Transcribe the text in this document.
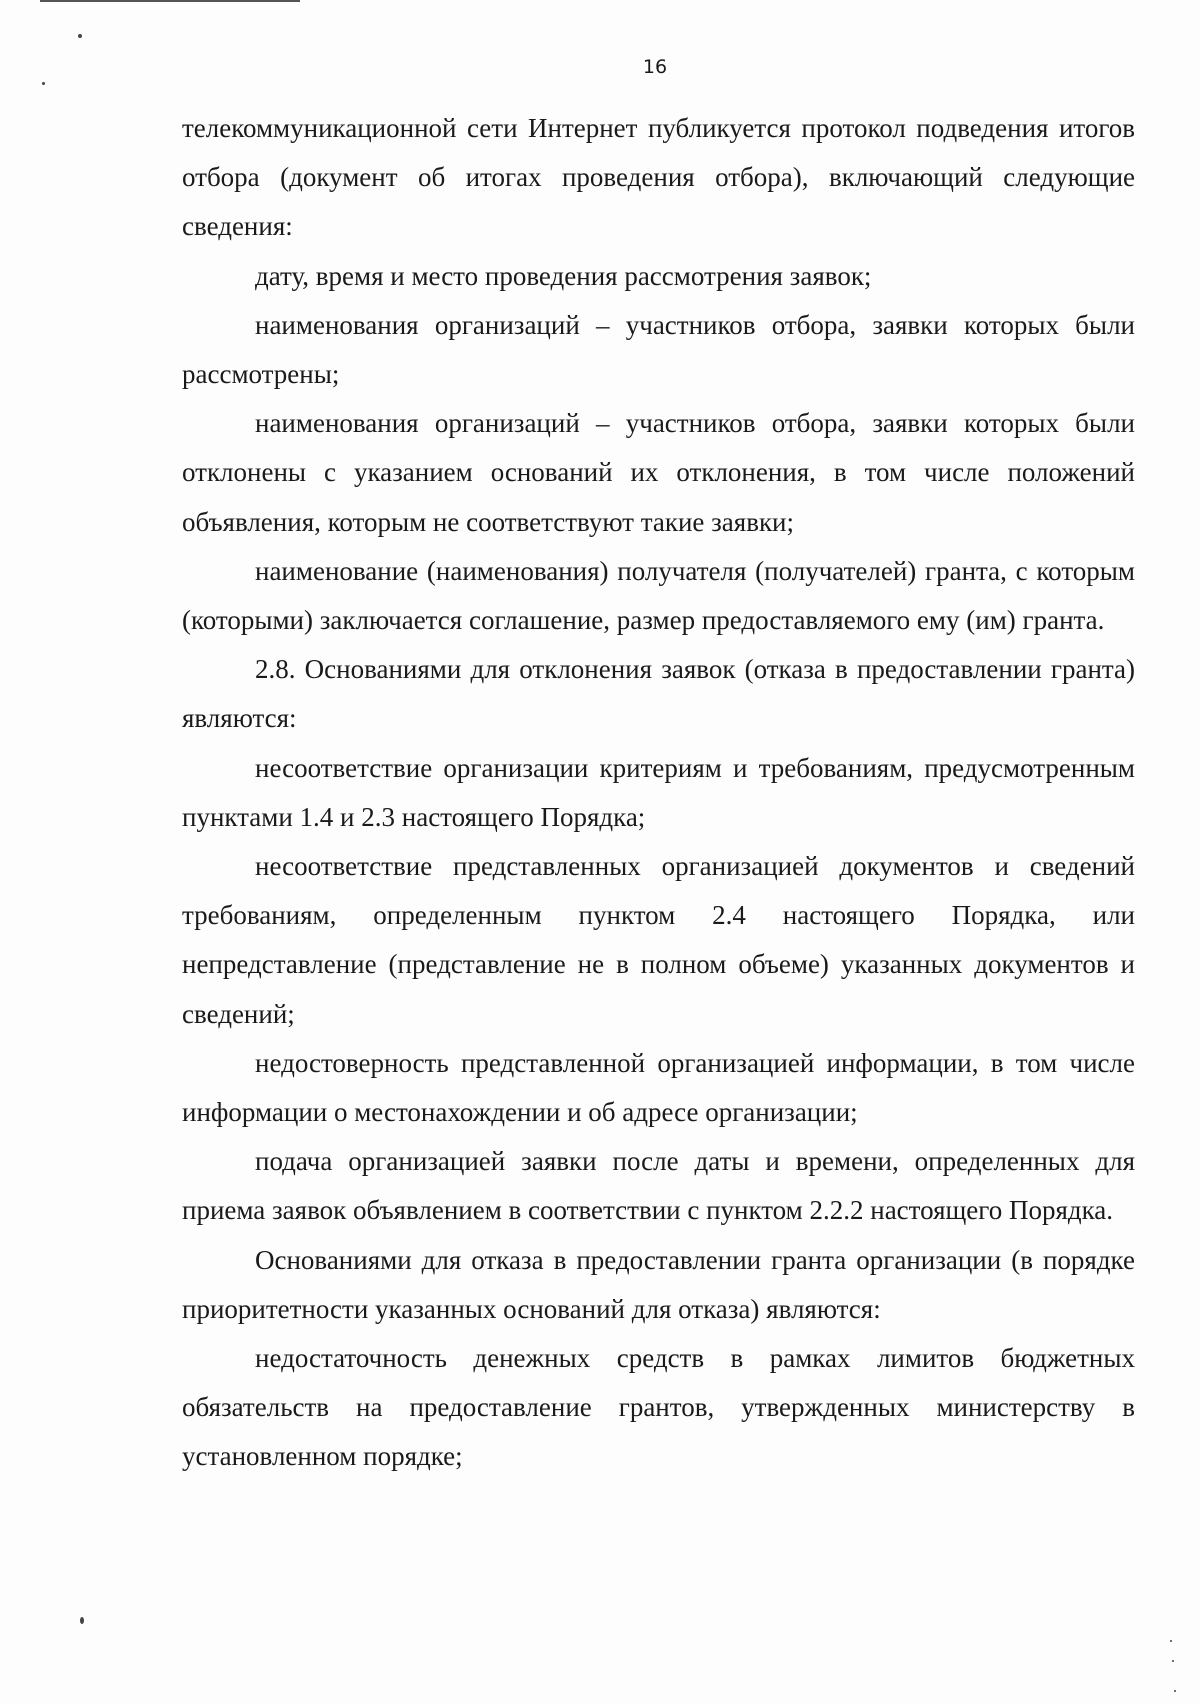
16

телекоммуникационной сети Интернет публикуется протокол подведения итогов отбора (документ об итогах проведения отбора), включающий следующие сведения:

дату, время и место проведения рассмотрения заявок;

наименования организаций – участников отбора, заявки которых были рассмотрены;

наименования организаций – участников отбора, заявки которых были отклонены с указанием оснований их отклонения, в том числе положений объявления, которым не соответствуют такие заявки;

наименование (наименования) получателя (получателей) гранта, с которым (которыми) заключается соглашение, размер предоставляемого ему (им) гранта.

2.8. Основаниями для отклонения заявок (отказа в предоставлении гранта) являются:

несоответствие организации критериям и требованиям, предусмотренным пунктами 1.4 и 2.3 настоящего Порядка;

несоответствие представленных организацией документов и сведений требованиям, определенным пунктом 2.4 настоящего Порядка, или непредставление (представление не в полном объеме) указанных документов и сведений;

недостоверность представленной организацией информации, в том числе информации о местонахождении и об адресе организации;

подача организацией заявки после даты и времени, определенных для приема заявок объявлением в соответствии с пунктом 2.2.2 настоящего Порядка.

Основаниями для отказа в предоставлении гранта организации (в порядке приоритетности указанных оснований для отказа) являются:

недостаточность денежных средств в рамках лимитов бюджетных обязательств на предоставление грантов, утвержденных министерству в установленном порядке;
